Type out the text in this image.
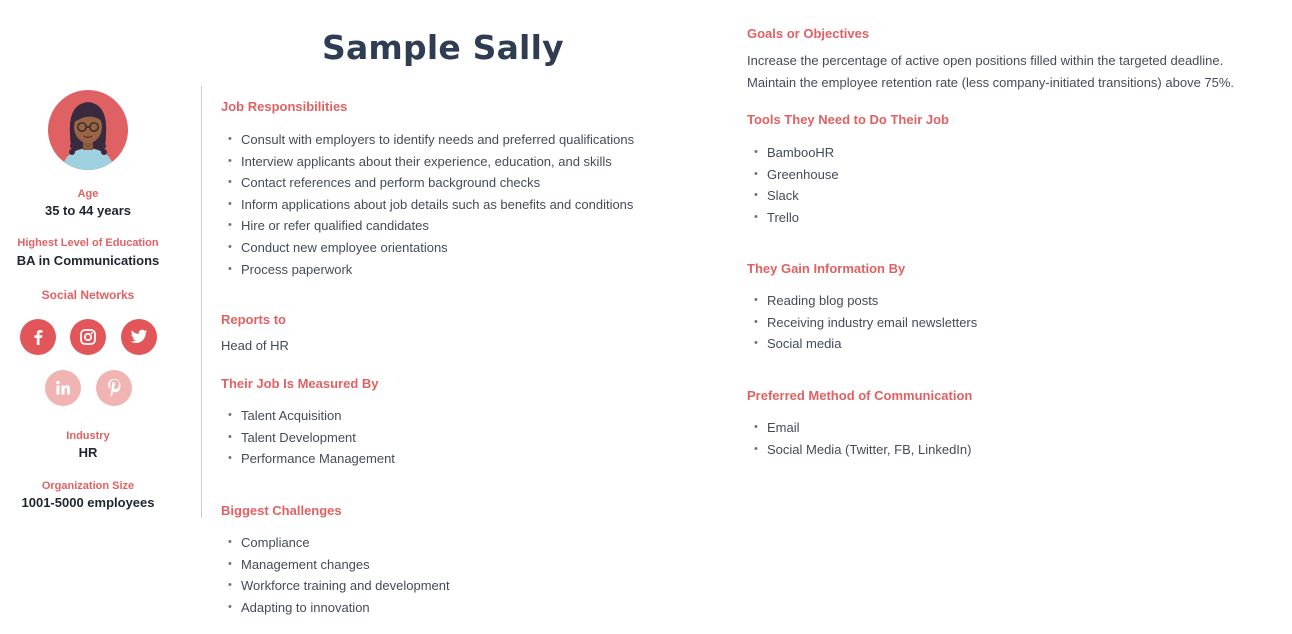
Sample Sally
Age
35 to 44 years
Highest Level of Education
BA in Communications
Social Networks
Industry
HR
Organization Size
1001-5000 employees
Job Responsibilities
• Consult with employers to identify needs and preferred qualifications
• Interview applicants about their experience, education, and skills
• Contact references and perform background checks
• Inform applications about job details such as benefits and conditions
• Hire or refer qualified candidates
• Conduct new employee orientations
• Process paperwork
Reports to
Head of HR
Their Job Is Measured By
• Talent Acquisition
• Talent Development
• Performance Management
Biggest Challenges
• Compliance
• Management changes
• Workforce training and development
• Adapting to innovation
Goals or Objectives
Increase the percentage of active open positions filled within the targeted deadline.
Maintain the employee retention rate (less company-initiated transitions) above 75%.
Tools They Need to Do Their Job
• BambooHR
• Greenhouse
• Slack
• Trello
They Gain Information By
• Reading blog posts
• Receiving industry email newsletters
• Social media
Preferred Method of Communication
• Email
• Social Media (Twitter, FB, LinkedIn)
